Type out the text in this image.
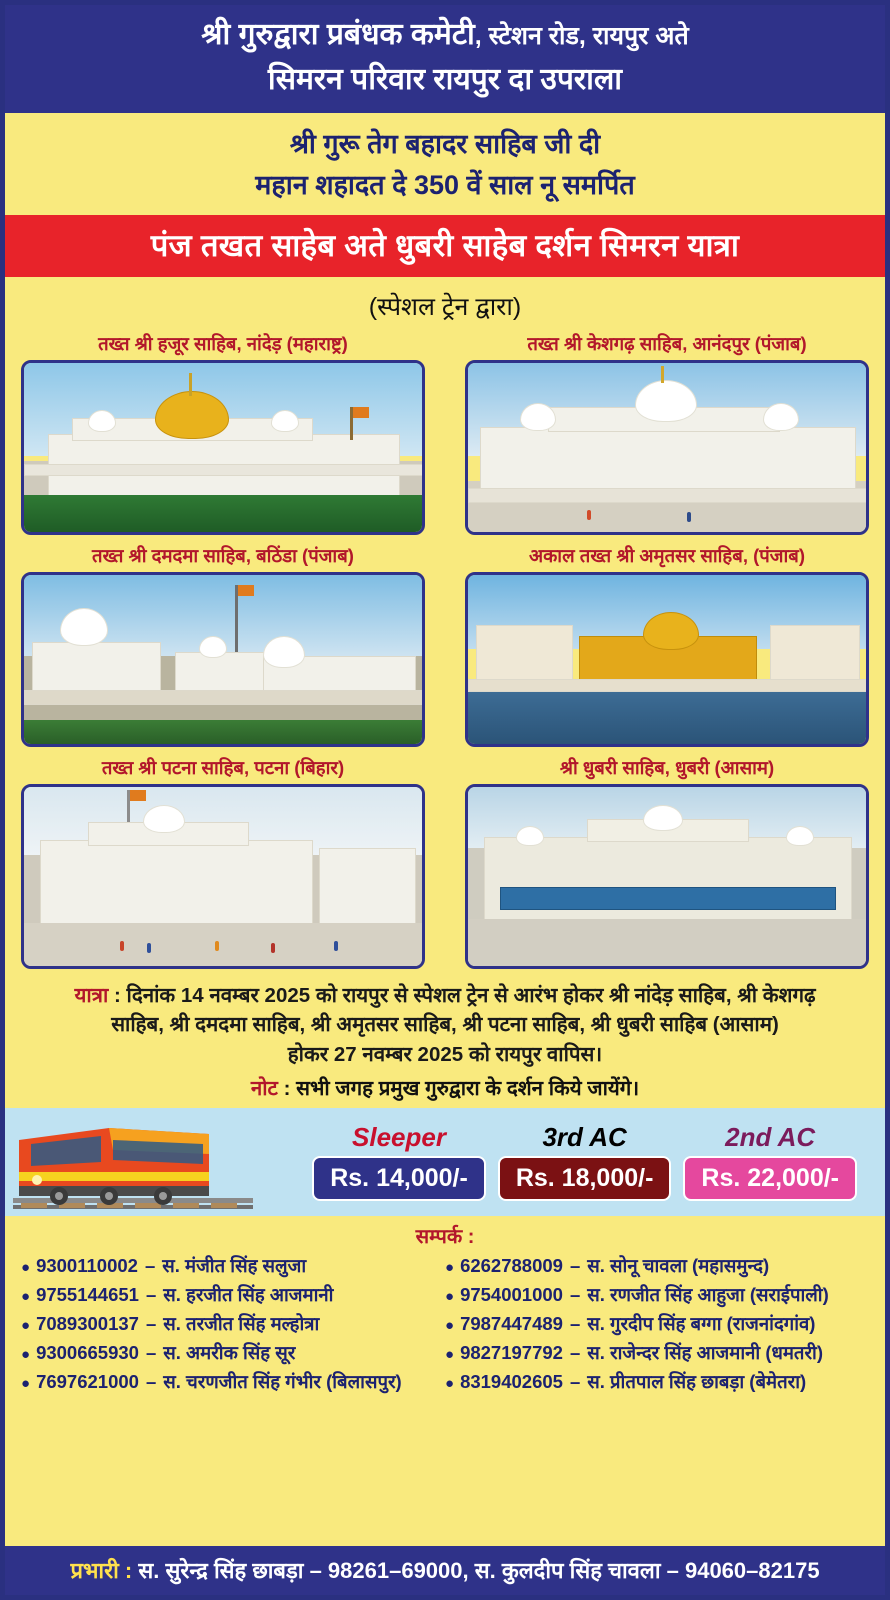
श्री गुरुद्वारा प्रबंधक कमेटी, स्टेशन रोड, रायपुर अते
सिमरन परिवार रायपुर दा उपराला
श्री गुरू तेग बहादर साहिब जी दी
महान शहादत दे 350 वें साल नू समर्पित
पंज तखत साहेब अते धुबरी साहेब दर्शन सिमरन यात्रा
(स्पेशल ट्रेन द्वारा)
तख्त श्री हजूर साहिब, नांदेड़ (महाराष्ट्र)	तख्त श्री केशगढ़ साहिब, आनंदपुर (पंजाब)
तख्त श्री दमदमा साहिब, बठिंडा (पंजाब)	अकाल तख्त श्री अमृतसर साहिब, (पंजाब)
तख्त श्री पटना साहिब, पटना (बिहार)	श्री धुबरी साहिब, धुबरी (आसाम)
यात्रा : दिनांक 14 नवम्बर 2025 को रायपुर से स्पेशल ट्रेन से आरंभ होकर श्री नांदेड़ साहिब, श्री केशगढ़
साहिब, श्री दमदमा साहिब, श्री अमृतसर साहिब, श्री पटना साहिब, श्री धुबरी साहिब (आसाम)
होकर 27 नवम्बर 2025 को रायपुर वापिस।
नोट : सभी जगह प्रमुख गुरुद्वारा के दर्शन किये जायेंगे।
Sleeper
Rs. 14,000/-
3rd AC
Rs. 18,000/-
2nd AC
Rs. 22,000/-
सम्पर्क :
● 9300110002 – स. मंजीत सिंह सलुजा
● 9755144651 – स. हरजीत सिंह आजमानी
● 7089300137 – स. तरजीत सिंह मल्होत्रा
● 9300665930 – स. अमरीक सिंह सूर
● 7697621000 – स. चरणजीत सिंह गंभीर (बिलासपुर)
● 6262788009 – स. सोनू चावला (महासमुन्द)
● 9754001000 – स. रणजीत सिंह आहुजा (सराईपाली)
● 7987447489 – स. गुरदीप सिंह बग्गा (राजनांदगांव)
● 9827197792 – स. राजेन्दर सिंह आजमानी (धमतरी)
● 8319402605 – स. प्रीतपाल सिंह छाबड़ा (बेमेतरा)
प्रभारी : स. सुरेन्द्र सिंह छाबड़ा – 98261–69000, स. कुलदीप सिंह चावला – 94060–82175
